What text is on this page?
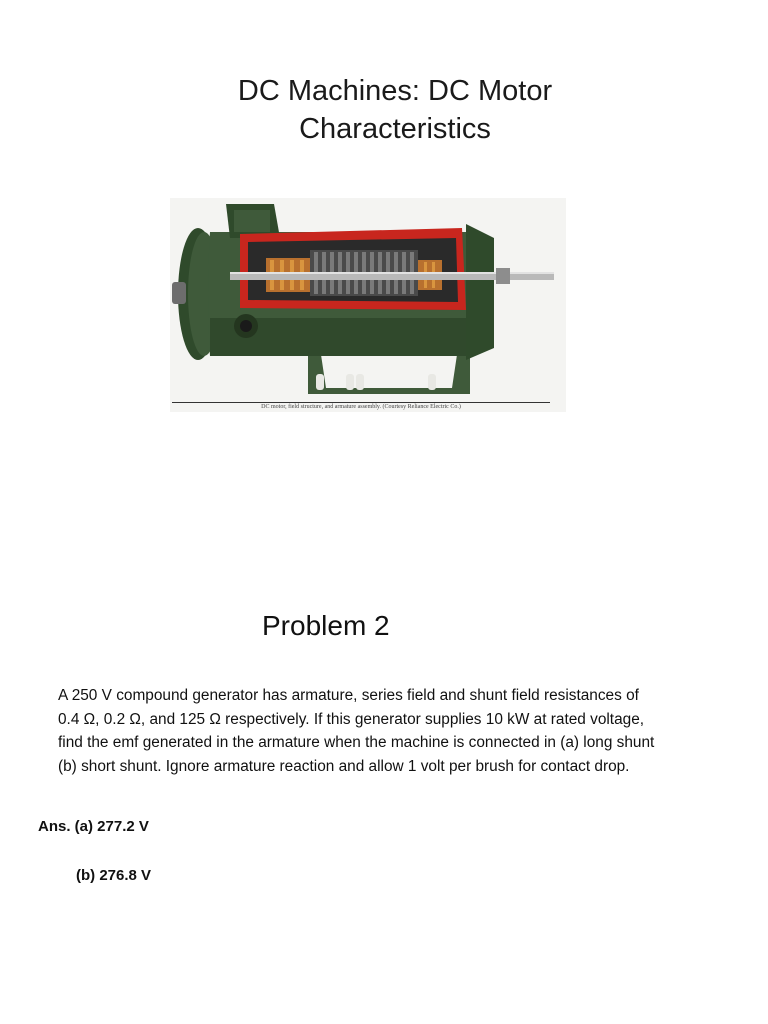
DC Machines: DC Motor
Characteristics
DC motor, field structure, and armature assembly. (Courtesy Reliance Electric Co.)
Problem 2
A 250 V compound generator has armature, series field and shunt field resistances of
0.4 Ω, 0.2 Ω, and 125 Ω respectively. If this generator supplies 10 kW at rated voltage,
find the emf generated in the armature when the machine is connected in (a) long shunt
(b) short shunt. Ignore armature reaction and allow 1 volt per brush for contact drop.
Ans. (a) 277.2 V
(b) 276.8 V
